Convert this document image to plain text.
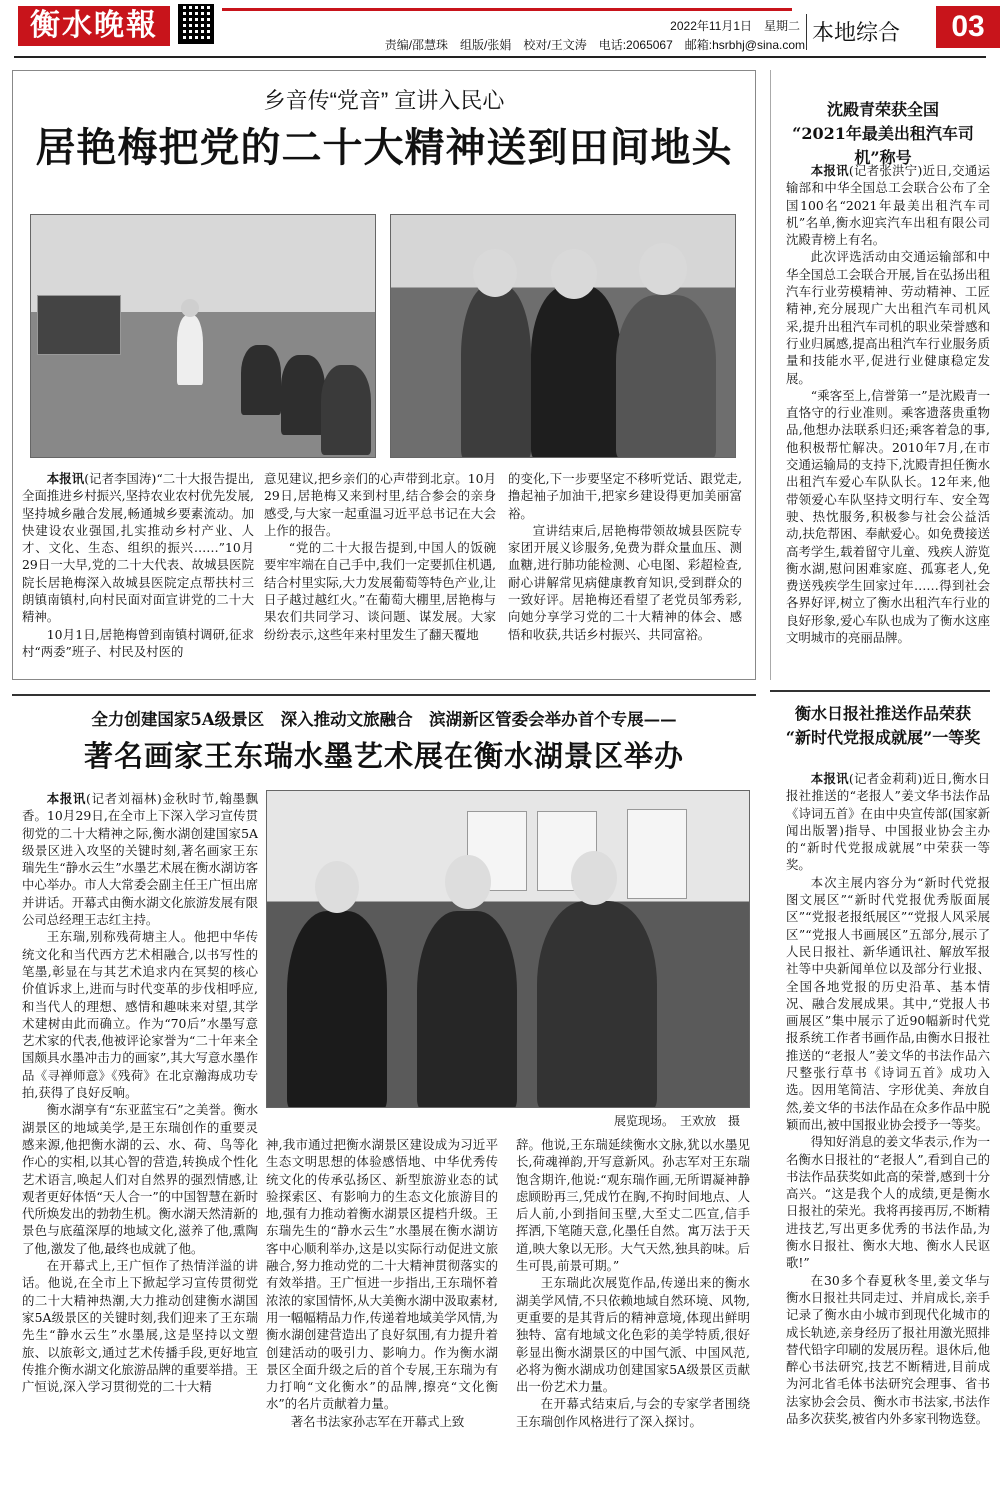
衡水晚報	2022年11月1日　星期二
责编/邵慧珠　组版/张娟　校对/王文涛　电话:2065067　邮箱:hsrbhj@sina.com 本地综合	03
乡音传“党音” 宣讲入民心
居艳梅把党的二十大精神送到田间地头

本报讯(记者李国涛)“二十大报告提出,全面推进乡村振兴,坚持农业农村优先发展,坚持城乡融合发展,畅通城乡要素流动。加快建设农业强国,扎实推动乡村产业、人才、文化、生态、组织的振兴……”10月29日一大早,党的二十大代表、故城县医院院长居艳梅深入故城县医院定点帮扶村三朗镇南镇村,向村民面对面宣讲党的二十大精神。

10月1日,居艳梅曾到南镇村调研,征求村“两委”班子、村民及村医的

意见建议,把乡亲们的心声带到北京。10月29日,居艳梅又来到村里,结合参会的亲身感受,与大家一起重温习近平总书记在大会上作的报告。

“党的二十大报告提到,中国人的饭碗要牢牢端在自己手中,我们一定要抓住机遇,结合村里实际,大力发展葡萄等特色产业,让日子越过越红火。”在葡萄大棚里,居艳梅与果农们共同学习、谈问题、谋发展。大家纷纷表示,这些年来村里发生了翻天覆地

的变化,下一步要坚定不移听党话、跟党走,撸起袖子加油干,把家乡建设得更加美丽富裕。

宣讲结束后,居艳梅带领故城县医院专家团开展义诊服务,免费为群众量血压、测血糖,进行肺功能检测、心电图、彩超检查,耐心讲解常见病健康教育知识,受到群众的一致好评。居艳梅还看望了老党员邹秀彩,向她分享学习党的二十大精神的体会、感悟和收获,共话乡村振兴、共同富裕。

沈殿青荣获全国
“2021年最美出租汽车司机”称号

本报讯(记者张洪宁)近日,交通运输部和中华全国总工会联合公布了全国100名“2021年最美出租汽车司机”名单,衡水迎宾汽车出租有限公司沈殿青榜上有名。

此次评选活动由交通运输部和中华全国总工会联合开展,旨在弘扬出租汽车行业劳模精神、劳动精神、工匠精神,充分展现广大出租汽车司机风采,提升出租汽车司机的职业荣誉感和行业归属感,提高出租汽车行业服务质量和技能水平,促进行业健康稳定发展。

“乘客至上,信誉第一”是沈殿青一直恪守的行业准则。乘客遗落贵重物品,他想办法联系归还;乘客着急的事,他积极帮忙解决。2010年7月,在市交通运输局的支持下,沈殿青担任衡水出租汽车爱心车队队长。12年来,他带领爱心车队坚持文明行车、安全驾驶、热忱服务,积极参与社会公益活动,扶危帮困、奉献爱心。如免费接送高考学生,载着留守儿童、残疾人游览衡水湖,慰问困难家庭、孤寡老人,免费送残疾学生回家过年……得到社会各界好评,树立了衡水出租汽车行业的良好形象,爱心车队也成为了衡水这座文明城市的亮丽品牌。

衡水日报社推送作品荣获
“新时代党报成就展”一等奖

本报讯(记者金莉莉)近日,衡水日报社推送的“老报人”姜文华书法作品《诗词五首》在由中央宣传部(国家新闻出版署)指导、中国报业协会主办的“新时代党报成就展”中荣获一等奖。

本次主展内容分为“新时代党报图文展区”“新时代党报优秀版面展区”“党报老报纸展区”“党报人风采展区”“党报人书画展区”五部分,展示了人民日报社、新华通讯社、解放军报社等中央新闻单位以及部分行业报、全国各地党报的历史沿革、基本情况、融合发展成果。其中,“党报人书画展区”集中展示了近90幅新时代党报系统工作者书画作品,由衡水日报社推送的“老报人”姜文华的书法作品六尺整张行草书《诗词五首》成功入选。因用笔简洁、字形优美、奔放自然,姜文华的书法作品在众多作品中脱颖而出,被中国报业协会授予一等奖。

得知好消息的姜文华表示,作为一名衡水日报社的“老报人”,看到自己的书法作品获奖如此高的荣誉,感到十分高兴。“这是我个人的成绩,更是衡水日报社的荣光。我将再接再厉,不断精进技艺,写出更多优秀的书法作品,为衡水日报社、衡水大地、衡水人民讴歌!”

在30多个春夏秋冬里,姜文华与衡水日报社共同走过、并肩成长,亲手记录了衡水由小城市到现代化城市的成长轨迹,亲身经历了报社用激光照排替代铅字印刷的发展历程。退休后,他醉心书法研究,技艺不断精进,目前成为河北省毛体书法研究会理事、省书法家协会会员、衡水市书法家,书法作品多次获奖,被省内外多家刊物选登。

全力创建国家5A级景区　深入推动文旅融合　滨湖新区管委会举办首个专展——
著名画家王东瑞水墨艺术展在衡水湖景区举办

本报讯(记者刘福林)金秋时节,翰墨飘香。10月29日,在全市上下深入学习宣传贯彻党的二十大精神之际,衡水湖创建国家5A级景区进入攻坚的关键时刻,著名画家王东瑞先生“静水云生”水墨艺术展在衡水湖访客中心举办。市人大常委会副主任王广恒出席并讲话。开幕式由衡水湖文化旅游发展有限公司总经理王志红主持。

王东瑞,别称残荷塘主人。他把中华传统文化和当代西方艺术相融合,以书写性的笔墨,彰显在与其艺术追求内在冥契的核心价值诉求上,进而与时代变革的步伐相呼应,和当代人的理想、感情和趣味来对望,其学术建树由此而确立。作为“70后”水墨写意艺术家的代表,他被评论家誉为“二十年来全国颇具水墨冲击力的画家”,其大写意水墨作品《寻禅师意》《残荷》在北京瀚海成功专拍,获得了良好反响。

衡水湖享有“东亚蓝宝石”之美誉。衡水湖景区的地域美学,是王东瑞创作的重要灵感来源,他把衡水湖的云、水、荷、鸟等化作心的实相,以其心智的营造,转换成个性化艺术语言,唤起人们对自然界的强烈情感,让观者更好体悟“天人合一”的中国智慧在新时代所焕发出的勃勃生机。衡水湖天然清新的景色与底蕴深厚的地域文化,滋养了他,熏陶了他,激发了他,最终也成就了他。

在开幕式上,王广恒作了热情洋溢的讲话。他说,在全市上下掀起学习宣传贯彻党的二十大精神热潮,大力推动创建衡水湖国家5A级景区的关键时刻,我们迎来了王东瑞先生“静水云生”水墨展,这是坚持以文塑旅、以旅彰文,通过艺术传播手段,更好地宣传推介衡水湖文化旅游品牌的重要举措。王广恒说,深入学习贯彻党的二十大精

展览现场。　王欢放　摄

神,我市通过把衡水湖景区建设成为习近平生态文明思想的体验感悟地、中华优秀传统文化的传承弘扬区、新型旅游业态的试验探索区、有影响力的生态文化旅游目的地,强有力推动着衡水湖景区提档升级。王东瑞先生的“静水云生”水墨展在衡水湖访客中心顺利举办,这是以实际行动促进文旅融合,努力推动党的二十大精神贯彻落实的有效举措。王广恒进一步指出,王东瑞怀着浓浓的家国情怀,从大美衡水湖中汲取素材,用一幅幅精品力作,传递着地域美学风情,为衡水湖创建营造出了良好氛围,有力提升着创建活动的吸引力、影响力。作为衡水湖景区全面升级之后的首个专展,王东瑞为有力打响“文化衡水”的品牌,擦亮“文化衡水”的名片贡献着力量。

著名书法家孙志军在开幕式上致

辞。他说,王东瑞延续衡水文脉,犹以水墨见长,荷魂禅韵,开写意新风。孙志军对王东瑞饱含期许,他说:“观东瑞作画,无所谓凝神静虑顾盼再三,凭成竹在胸,不拘时间地点、人后人前,小到指间玉壁,大至丈二匹宣,信手挥洒,下笔随天意,化墨任自然。寓万法于天道,映大象以无形。大气天然,独具韵味。后生可畏,前景可期。”

王东瑞此次展览作品,传递出来的衡水湖美学风情,不只依赖地域自然环境、风物,更重要的是其背后的精神意境,体现出鲜明独特、富有地域文化色彩的美学特质,很好彰显出衡水湖景区的中国气派、中国风范,必将为衡水湖成功创建国家5A级景区贡献出一份艺术力量。

在开幕式结束后,与会的专家学者围绕王东瑞创作风格进行了深入探讨。
